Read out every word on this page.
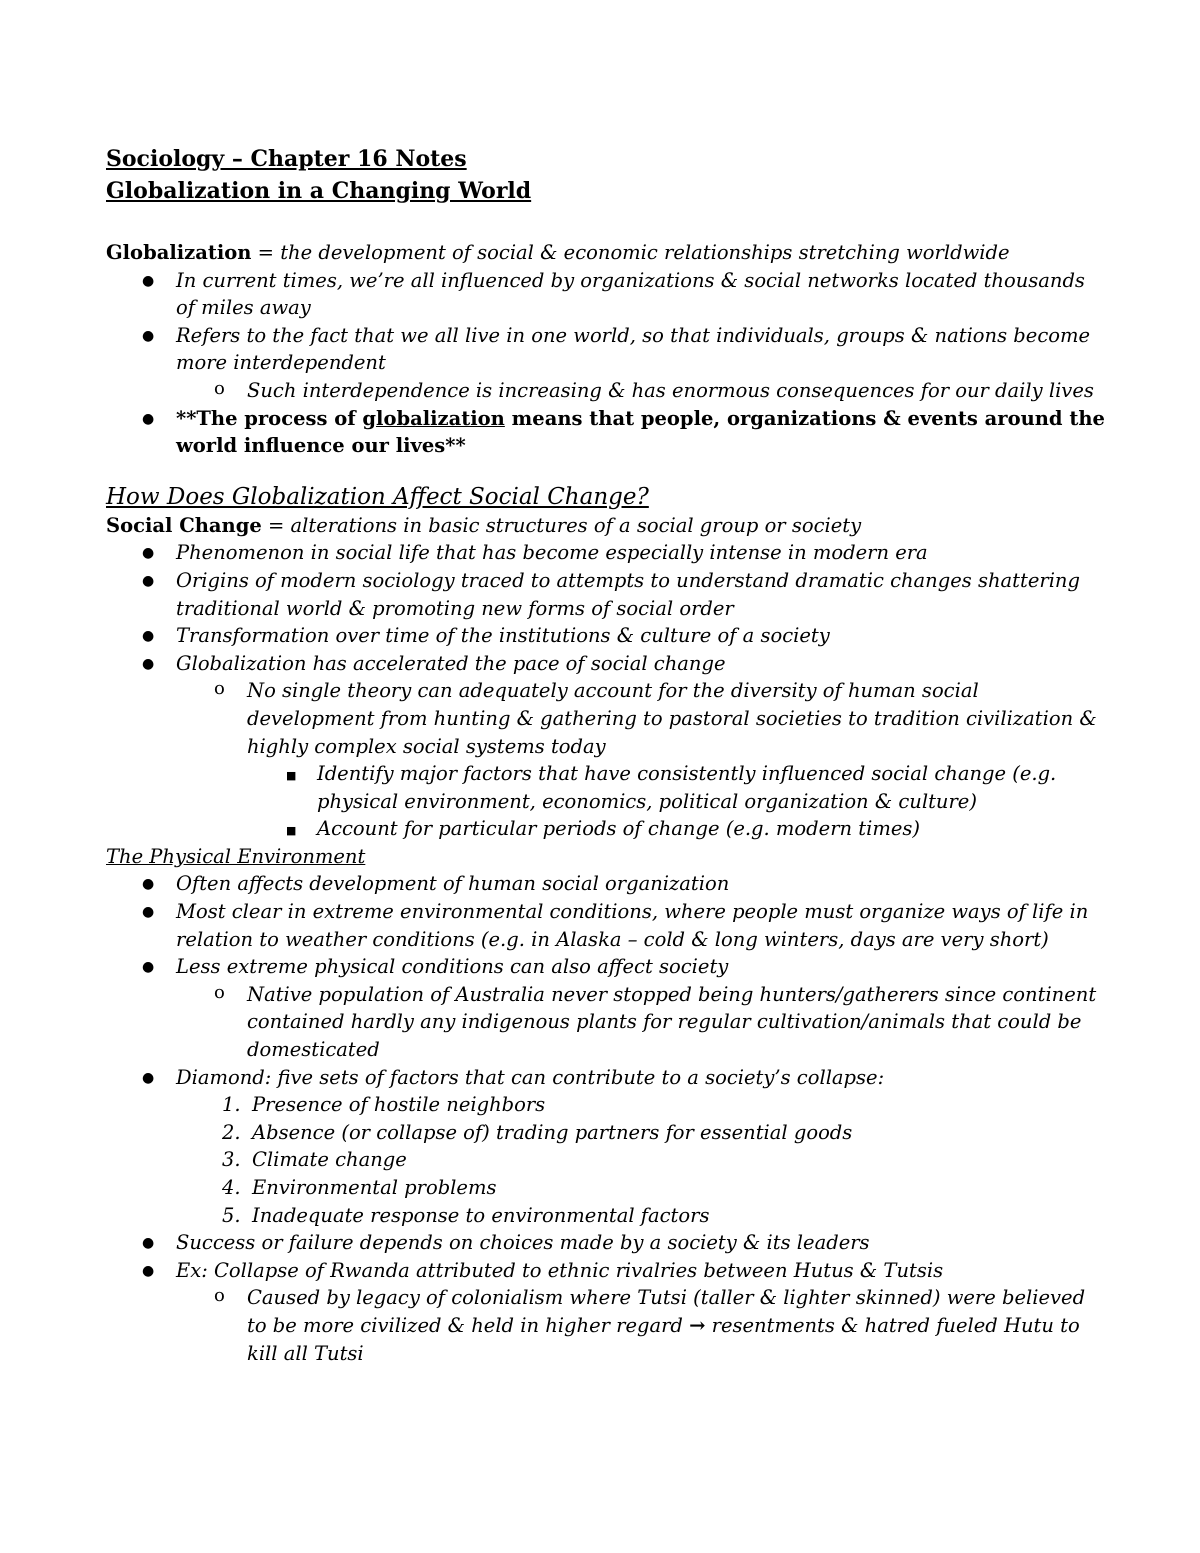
Sociology – Chapter 16 Notes

Globalization in a Changing World

Globalization = the development of social & economic relationships stretching worldwide

● In current times, we’re all influenced by organizations & social networks located thousands of miles away
● Refers to the fact that we all live in one world, so that individuals, groups & nations become more interdependent
o Such interdependence is increasing & has enormous consequences for our daily lives
● **The process of globalization means that people, organizations & events around the world influence our lives**

How Does Globalization Affect Social Change?

Social Change = alterations in basic structures of a social group or society

● Phenomenon in social life that has become especially intense in modern era
● Origins of modern sociology traced to attempts to understand dramatic changes shattering traditional world & promoting new forms of social order
● Transformation over time of the institutions & culture of a society
● Globalization has accelerated the pace of social change
o No single theory can adequately account for the diversity of human social development from hunting & gathering to pastoral societies to tradition civilization & highly complex social systems today
■ Identify major factors that have consistently influenced social change (e.g. physical environment, economics, political organization & culture)
■ Account for particular periods of change (e.g. modern times)

The Physical Environment

● Often affects development of human social organization
● Most clear in extreme environmental conditions, where people must organize ways of life in relation to weather conditions (e.g. in Alaska – cold & long winters, days are very short)
● Less extreme physical conditions can also affect society
o Native population of Australia never stopped being hunters/gatherers since continent contained hardly any indigenous plants for regular cultivation/animals that could be domesticated
● Diamond: five sets of factors that can contribute to a society’s collapse:
1. Presence of hostile neighbors
2. Absence (or collapse of) trading partners for essential goods
3. Climate change
4. Environmental problems
5. Inadequate response to environmental factors
● Success or failure depends on choices made by a society & its leaders
● Ex: Collapse of Rwanda attributed to ethnic rivalries between Hutus & Tutsis
o Caused by legacy of colonialism where Tutsi (taller & lighter skinned) were believed to be more civilized & held in higher regard → resentments & hatred fueled Hutu to kill all Tutsi
